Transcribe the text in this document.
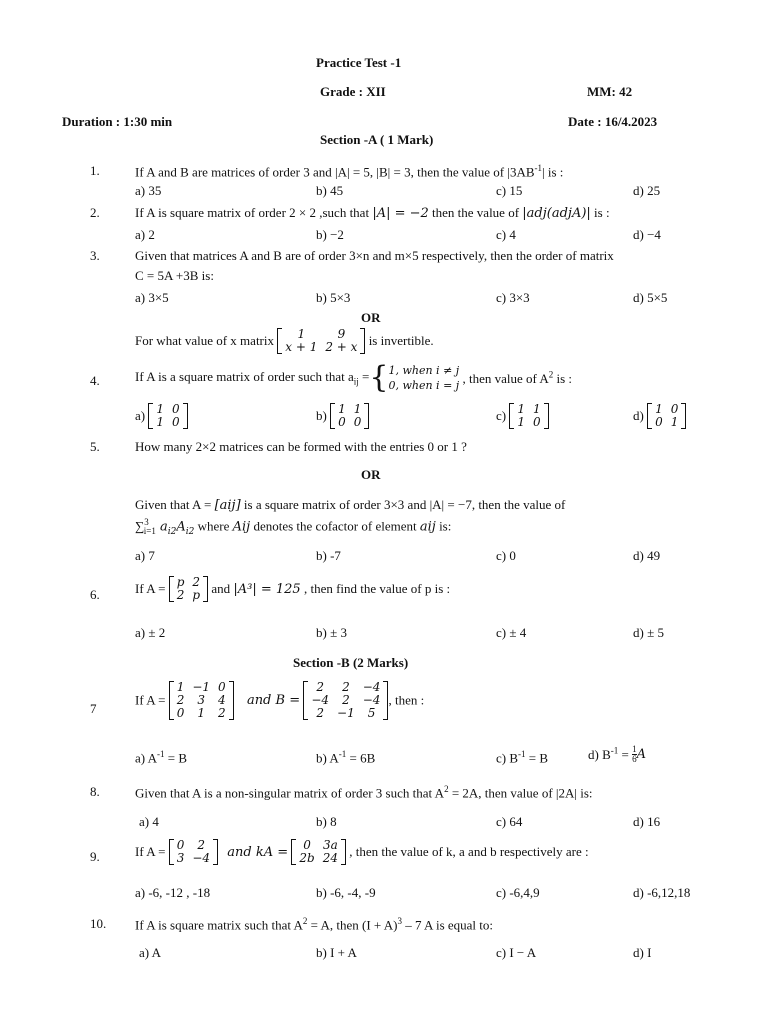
Practice Test -1
Grade : XII	MM: 42
Duration : 1:30 min	Date : 16/4.2023
Section -A ( 1 Mark)
1.	If A and B are matrices of order 3 and |A| = 5, |B| = 3, then the value of $|3AB^{-1}|$ is :
a) 35	b) 45	c) 15	d) 25
2.	If A is square matrix of order 2 × 2 ,such that |A| = −2 then the value of |adj(adjA)| is :
a) 2	b) −2	c) 4	d) −4
3.	Given that matrices A and B are of order 3×n and m×5 respectively, then the order of matrix
C = 5A +3B is:
a) 3×5	b) 5×3	c) 3×3	d) 5×5
OR
For what value of x matrix 1	9
x + 1	2 + x is invertible.
4.	If A is a square matrix of order such that $a_{ij} =\{1$, when i ≠ j
0, when i = j , then value of $A^2$ is :
a) 1	0
1	0	b) 1	1
0	0	c) 1	1
1	0	d) 1	0
0	1
5.	How many 2×2 matrices can be formed with the entries 0 or 1 ?
OR
Given that A = [aij] is a square matrix of order 3×3 and |A| = −7, then the value of
∑$^3_{i=1}$ $a_{i2}A_{i2}$ where Aij denotes the cofactor of element aij is:
a) 7	b) -7	c) 0	d) 49
6.	If A = p	2
2	p and |A³| = 125 , then find the value of p is :
a) ± 2	b) ± 3	c) ± 4	d) ± 5
Section -B (2 Marks)
7
If A =
1	−1	0
2	3	4
0	1	2
and B =
2	2	−4
−4	2	−4
2	−1	5
, then :
a) $A^{-1} = B$	b) $A^{-1} = 6B$	c) $B^{-1} = B$	d) $B^{-1} = \frac{1}{6}$ A
8.	Given that A is a non-singular matrix of order 3 such that $A^2 = 2A$, then value of |2A| is:
a) 4	b) 8	c) 64	d) 16
9.	If A = 0	2
3	−4 and kA = 0	3a
2b	24 , then the value of k, a and b respectively are :
a) -6, -12 , -18	b) -6, -4, -9	c) -6,4,9	d) -6,12,18
10. If A is square matrix such that $A^2 = A$, then $(I + A)^3 - 7$ A is equal to:
a) A	b) I + A	c) I − A	d) I
